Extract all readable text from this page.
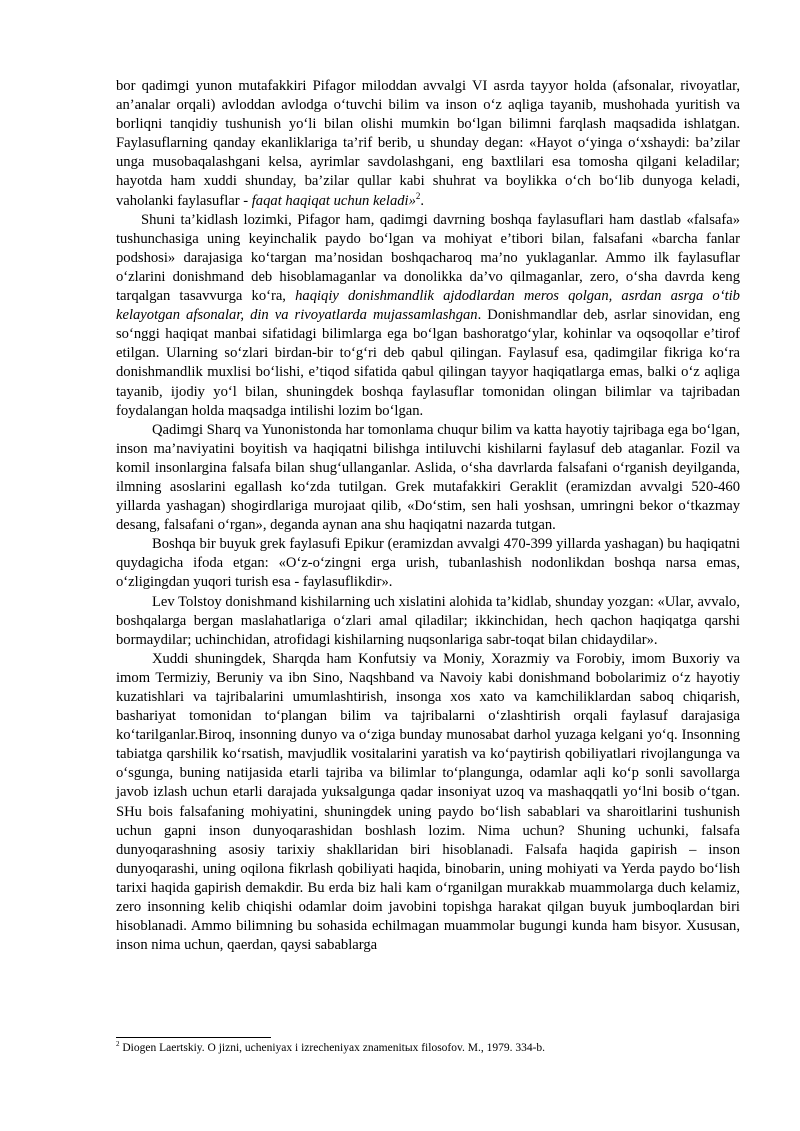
bor qadimgi yunon mutafakkiri Pifagor miloddan avvalgi VI asrda tayyor holda (afsonalar, rivoyatlar, an’analar orqali) avloddan avlodga o‘tuvchi bilim va inson o‘z aqliga tayanib, mushohada yuritish va borliqni tanqidiy tushunish yo‘li bilan olishi mumkin bo‘lgan bilimni farqlash maqsadida ishlatgan. Faylasuflarning qanday ekanliklariga ta’rif berib, u shunday degan: «Hayot o‘yinga o‘xshaydi: ba’zilar unga musobaqalashgani kelsa, ayrimlar savdolashgani, eng baxtlilari esa tomosha qilgani keladilar; hayotda ham xuddi shunday, ba’zilar qullar kabi shuhrat va boylikka o‘ch bo‘lib dunyoga keladi, vaholanki faylasuflar - faqat haqiqat uchun keladi»$^2$.

Shuni ta’kidlash lozimki, Pifagor ham, qadimgi davrning boshqa faylasuflari ham dastlab «falsafa» tushunchasiga uning keyinchalik paydo bo‘lgan va mohiyat e’tibori bilan, falsafani «barcha fanlar podshosi» darajasiga ko‘targan ma’nosidan boshqacharoq ma’no yuklaganlar. Ammo ilk faylasuflar o‘zlarini donishmand deb hisoblamaganlar va donolikka da’vo qilmaganlar, zero, o‘sha davrda keng tarqalgan tasavvurga ko‘ra, haqiqiy donishmandlik ajdodlardan meros qolgan, asrdan asrga o‘tib kelayotgan afsonalar, din va rivoyatlarda mujassamlashgan. Donishmandlar deb, asrlar sinovidan, eng so‘nggi haqiqat manbai sifatidagi bilimlarga ega bo‘lgan bashoratgo‘ylar, kohinlar va oqsoqollar e’tirof etilgan. Ularning so‘zlari birdan-bir to‘g‘ri deb qabul qilingan. Faylasuf esa, qadimgilar fikriga ko‘ra donishmandlik muxlisi bo‘lishi, e’tiqod sifatida qabul qilingan tayyor haqiqatlarga emas, balki o‘z aqliga tayanib, ijodiy yo‘l bilan, shuningdek boshqa faylasuflar tomonidan olingan bilimlar va tajribadan foydalangan holda maqsadga intilishi lozim bo‘lgan.

Qadimgi Sharq va Yunonistonda har tomonlama chuqur bilim va katta hayotiy tajribaga ega bo‘lgan, inson ma’naviyatini boyitish va haqiqatni bilishga intiluvchi kishilarni faylasuf deb ataganlar. Fozil va komil insonlargina falsafa bilan shug‘ullanganlar. Aslida, o‘sha davrlarda falsafani o‘rganish deyilganda, ilmning asoslarini egallash ko‘zda tutilgan. Grek mutafakkiri Geraklit (eramizdan avvalgi 520-460 yillarda yashagan) shogirdlariga murojaat qilib, «Do‘stim, sen hali yoshsan, umringni bekor o‘tkazmay desang, falsafani o‘rgan», deganda aynan ana shu haqiqatni nazarda tutgan.

Boshqa bir buyuk grek faylasufi Epikur (eramizdan avvalgi 470-399 yillarda yashagan) bu haqiqatni quydagicha ifoda etgan: «O‘z-o‘zingni erga urish, tubanlashish nodonlikdan boshqa narsa emas, o‘zligingdan yuqori turish esa - faylasuflikdir».

Lev Tolstoy donishmand kishilarning uch xislatini alohida ta’kidlab, shunday yozgan: «Ular, avvalo, boshqalarga bergan maslahatlariga o‘zlari amal qiladilar; ikkinchidan, hech qachon haqiqatga qarshi bormaydilar; uchinchidan, atrofidagi kishilarning nuqsonlariga sabr-toqat bilan chidaydilar».

Xuddi shuningdek, Sharqda ham Konfutsiy va Moniy, Xorazmiy va Forobiy, imom Buxoriy va imom Termiziy, Beruniy va ibn Sino, Naqshband va Navoiy kabi donishmand bobolarimiz o‘z hayotiy kuzatishlari va tajribalarini umumlashtirish, insonga xos xato va kamchiliklardan saboq chiqarish, bashariyat tomonidan to‘plangan bilim va tajribalarni o‘zlashtirish orqali faylasuf darajasiga ko‘tarilganlar.Biroq, insonning dunyo va o‘ziga bunday munosabat darhol yuzaga kelgani yo‘q. Insonning tabiatga qarshilik ko‘rsatish, mavjudlik vositalarini yaratish va ko‘paytirish qobiliyatlari rivojlangunga va o‘sgunga, buning natijasida etarli tajriba va bilimlar to‘plangunga, odamlar aqli ko‘p sonli savollarga javob izlash uchun etarli darajada yuksalgunga qadar insoniyat uzoq va mashaqqatli yo‘lni bosib o‘tgan. SHu bois falsafaning mohiyatini, shuningdek uning paydo bo‘lish sabablari va sharoitlarini tushunish uchun gapni inson dunyoqarashidan boshlash lozim. Nima uchun? Shuning uchunki, falsafa dunyoqarashning asosiy tarixiy shakllaridan biri hisoblanadi. Falsafa haqida gapirish – inson dunyoqarashi, uning oqilona fikrlash qobiliyati haqida, binobarin, uning mohiyati va Yerda paydo bo‘lish tarixi haqida gapirish demakdir. Bu erda biz hali kam o‘rganilgan murakkab muammolarga duch kelamiz, zero insonning kelib chiqishi odamlar doim javobini topishga harakat qilgan buyuk jumboqlardan biri hisoblanadi. Ammo bilimning bu sohasida echilmagan muammolar bugungi kunda ham bisyor. Xususan, inson nima uchun, qaerdan, qaysi sabablarga

$^2$ Diogen Laertskiy. O jizni, ucheniyax i izrecheniyax znamenitыx filosofov. M., 1979. 334-b.
